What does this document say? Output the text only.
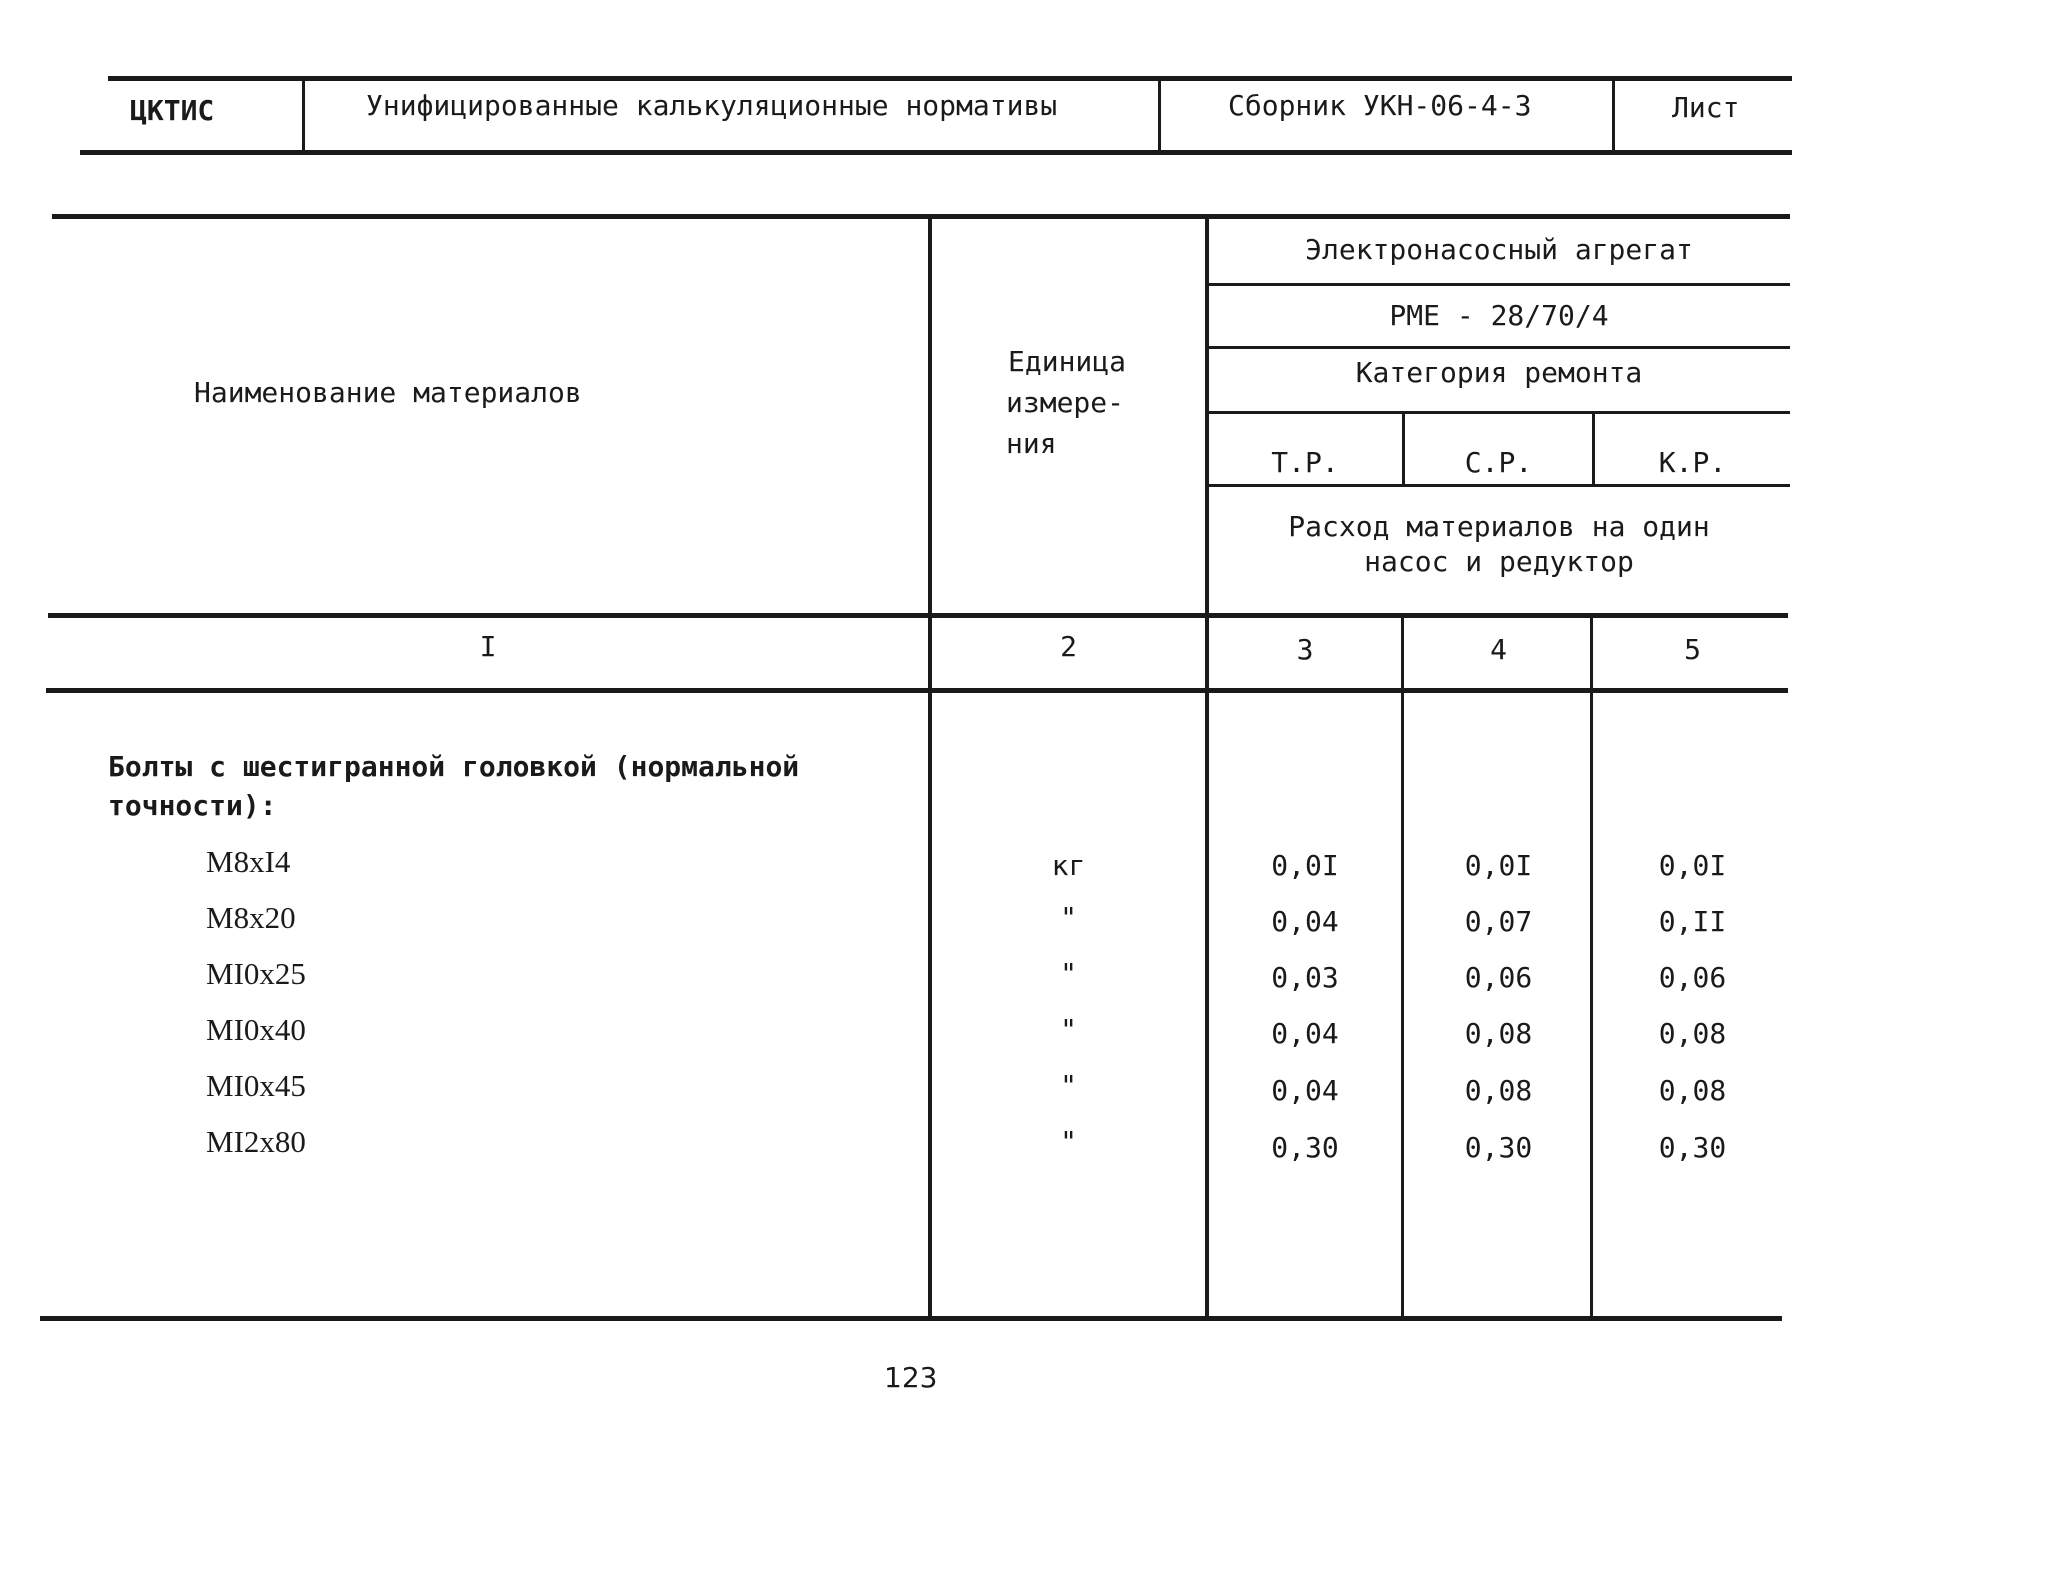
ЦКТИС	Унифицированные калькуляционные нормативы	Сборник УКН-06-4-3	Лист
Наименование материалов
Единица
измере-
ния
Электронасосный агрегат
РМЕ - 28/70/4
Категория ремонта
Т.Р.	С.Р.	К.Р.
Расход материалов на один
насос и редуктор
I	2	3	4	5
Болты с шестигранной головкой (нормальной
точности):
М8хI4	кг	0,0I	0,0I	0,0I
М8х20	"	0,04	0,07	0,II
МI0х25	"	0,03	0,06	0,06
МI0х40	"	0,04	0,08	0,08
МI0х45	"	0,04	0,08	0,08
МI2х80	"	0,30	0,30	0,30
123
